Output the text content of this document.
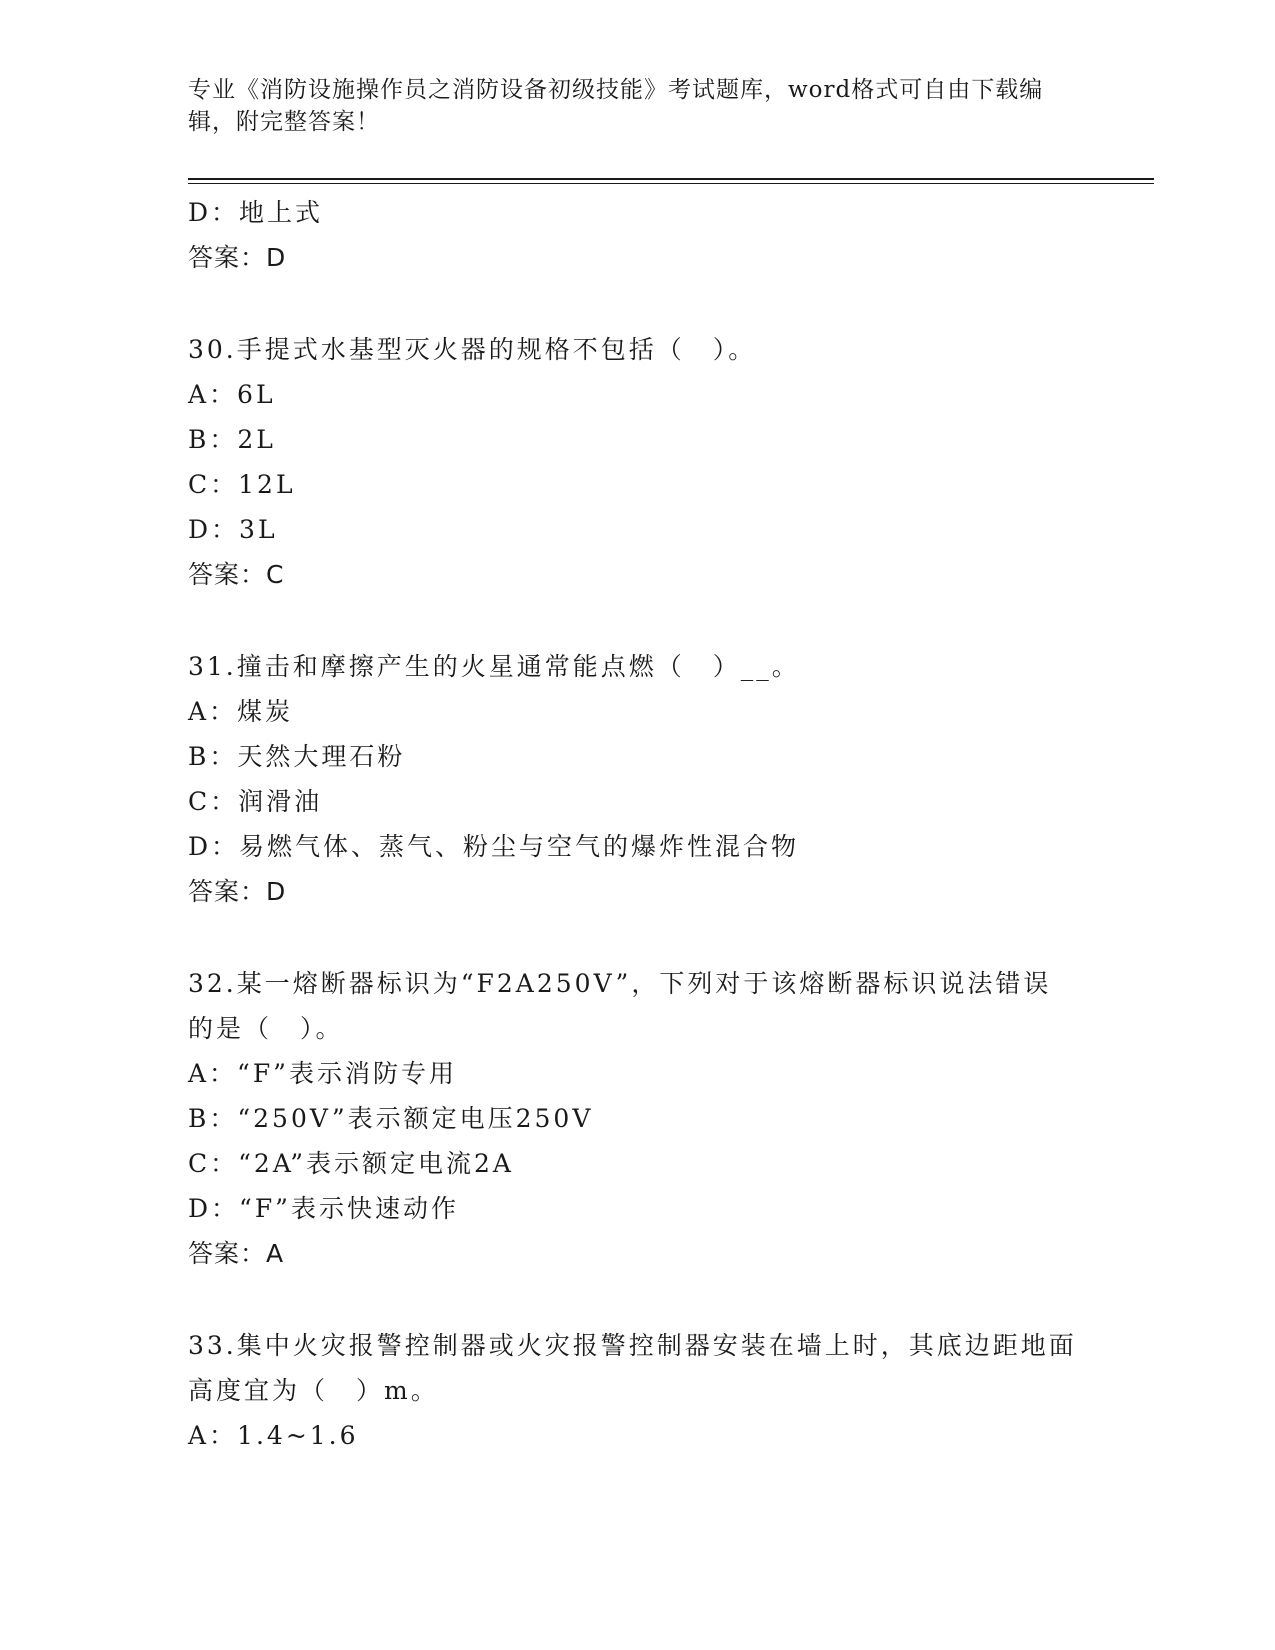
专业《消防设施操作员之消防设备初级技能》考试题库，word格式可自由下载编辑，附完整答案！
D：地上式
答案：D
30.手提式水基型灭火器的规格不包括（　）。
A：6L
B：2L
C：12L
D：3L
答案：C
31.撞击和摩擦产生的火星通常能点燃（　）__。
A：煤炭
B：天然大理石粉
C：润滑油
D：易燃气体、蒸气、粉尘与空气的爆炸性混合物
答案：D
32.某一熔断器标识为“F2A250V”，下列对于该熔断器标识说法错误的是（　）。
A：“F”表示消防专用
B：“250V”表示额定电压250V
C：“2A”表示额定电流2A
D：“F”表示快速动作
答案：A
33.集中火灾报警控制器或火灾报警控制器安装在墙上时，其底边距地面高度宜为（　）m。
A：1.4~1.6
